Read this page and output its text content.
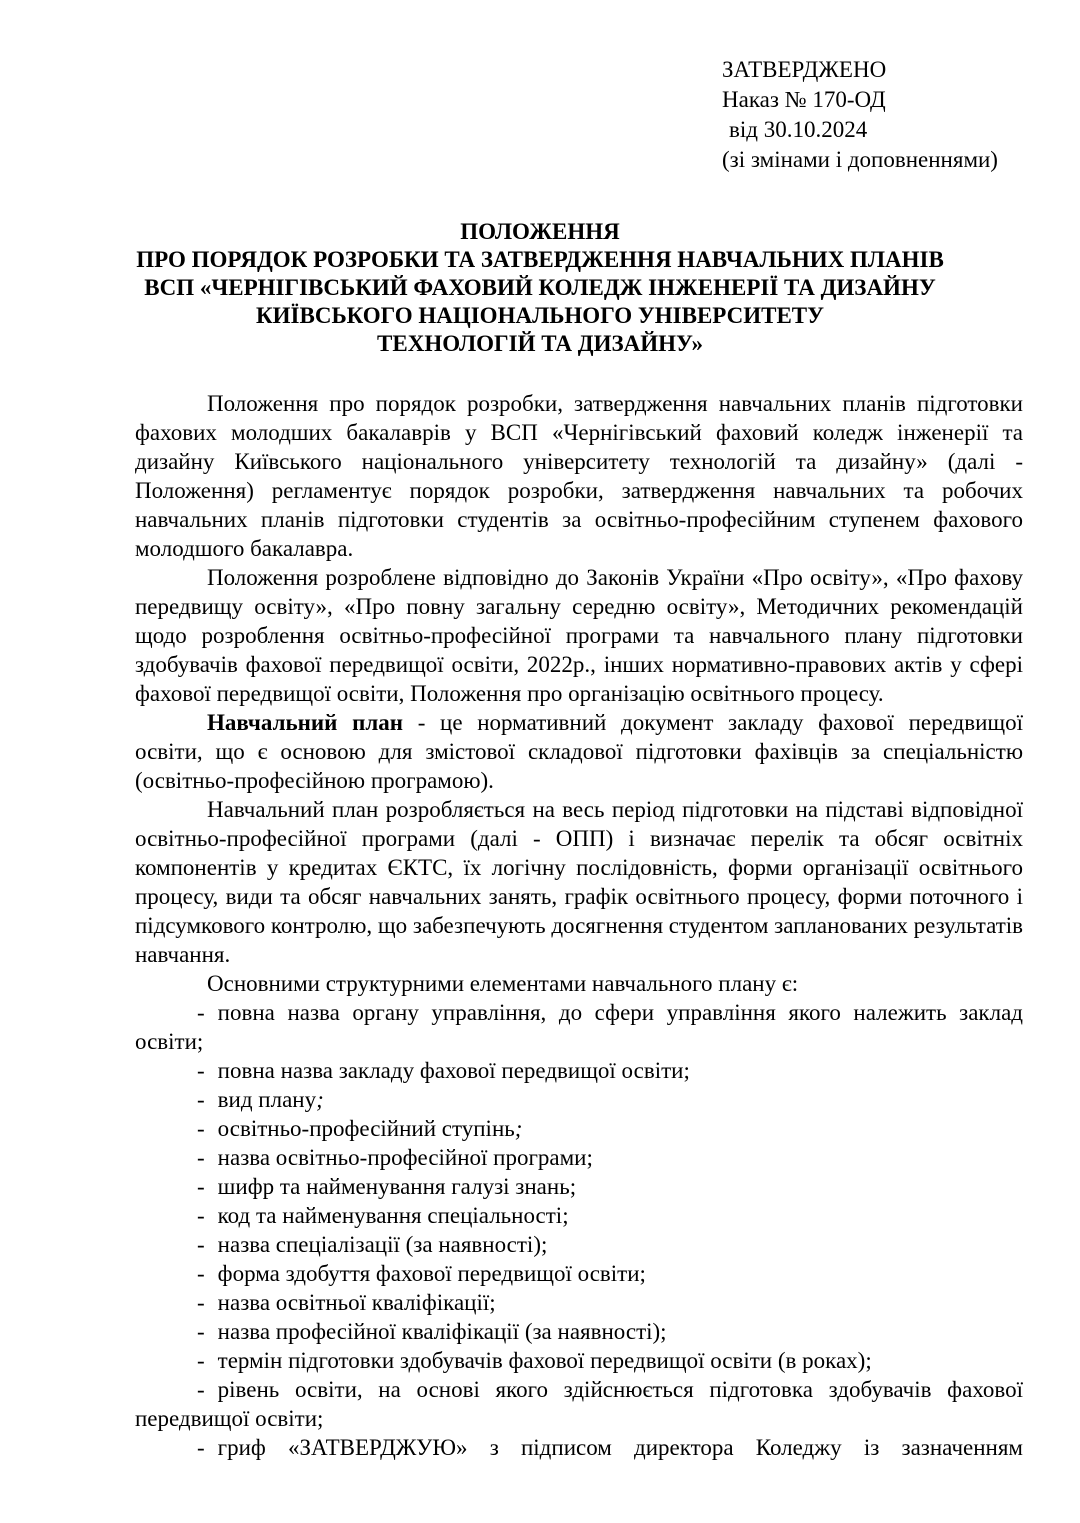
ЗАТВЕРДЖЕНО
Наказ № 170-ОД
від 30.10.2024
(зі змінами і доповненнями)
ПОЛОЖЕННЯ
ПРО ПОРЯДОК РОЗРОБКИ ТА ЗАТВЕРДЖЕННЯ НАВЧАЛЬНИХ ПЛАНІВ
ВСП «ЧЕРНІГІВСЬКИЙ ФАХОВИЙ КОЛЕДЖ ІНЖЕНЕРІЇ ТА ДИЗАЙНУ
КИЇВСЬКОГО НАЦІОНАЛЬНОГО УНІВЕРСИТЕТУ
ТЕХНОЛОГІЙ ТА ДИЗАЙНУ»

Положення про порядок розробки, затвердження навчальних планів підготовки фахових молодших бакалаврів у ВСП «Чернігівський фаховий коледж інженерії та дизайну Київського національного університету технологій та дизайну» (далі - Положення) регламентує порядок розробки, затвердження навчальних та робочих навчальних планів підготовки студентів за освітньо-професійним ступенем фахового молодшого бакалавра.

Положення розроблене відповідно до Законів України «Про освіту», «Про фахову передвищу освіту», «Про повну загальну середню освіту», Методичних рекомендацій щодо розроблення освітньо-професійної програми та навчального плану підготовки здобувачів фахової передвищої освіти, 2022р., інших нормативно-правових актів у сфері фахової передвищої освіти, Положення про організацію освітнього процесу.

Навчальний план - це нормативний документ закладу фахової передвищої освіти, що є основою для змістової складової підготовки фахівців за спеціальністю (освітньо-професійною програмою).

Навчальний план розробляється на весь період підготовки на підставі відповідної освітньо-професійної програми (далі - ОПП) і визначає перелік та обсяг освітніх компонентів у кредитах ЄКТС, їх логічну послідовність, форми організації освітнього процесу, види та обсяг навчальних занять, графік освітнього процесу, форми поточного і підсумкового контролю, що забезпечують досягнення студентом запланованих результатів навчання.

Основними структурними елементами навчального плану є:

- повна назва органу управління, до сфери управління якого належить заклад освіти;
- повна назва закладу фахової передвищої освіти;
- вид плану;
- освітньо-професійний ступінь;
- назва освітньо-професійної програми;
- шифр та найменування галузі знань;
- код та найменування спеціальності;
- назва спеціалізації (за наявності);
- форма здобуття фахової передвищої освіти;
- назва освітньої кваліфікації;
- назва професійної кваліфікації (за наявності);
- термін підготовки здобувачів фахової передвищої освіти (в роках);
- рівень освіти, на основі якого здійснюється підготовка здобувачів фахової передвищої освіти;
- гриф «ЗАТВЕРДЖУЮ» з підписом директора Коледжу із зазначенням
